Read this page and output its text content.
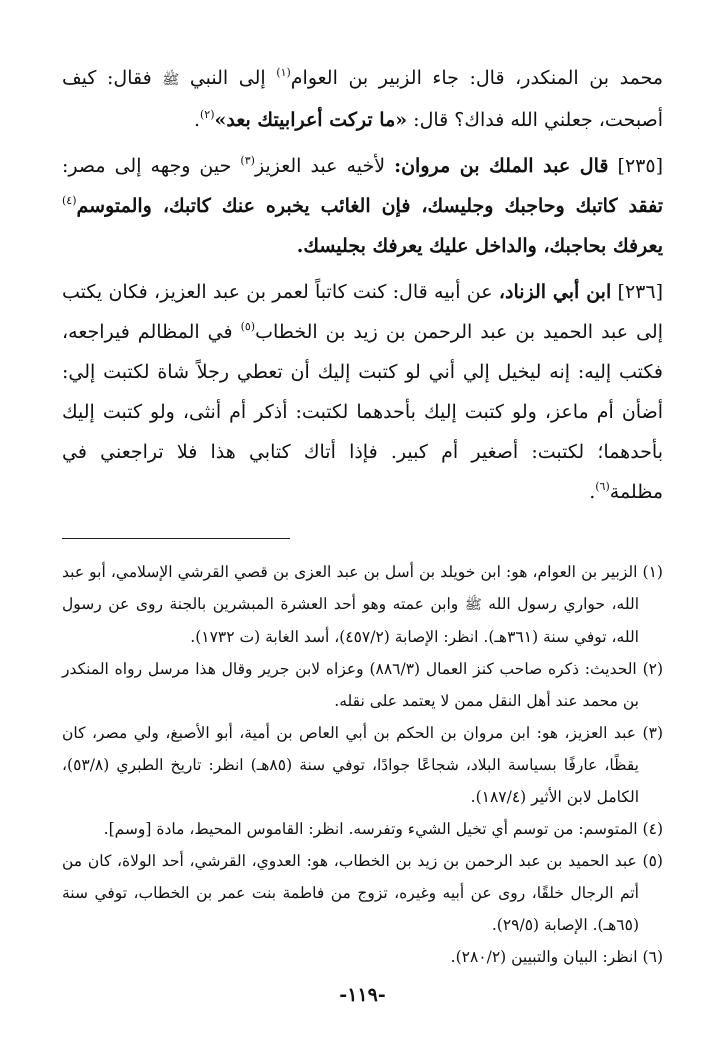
محمد بن المنكدر، قال: جاء الزبير بن العوام$^{(١)}$ إلى النبي ﷺ فقال: كيف أصبحت، جعلني الله فداك؟ قال: «ما تركت أعرابيتك بعد»$^{(٢)}$.

[٢٣٥] قال عبد الملك بن مروان: لأخيه عبد العزيز$^{(٣)}$ حين وجهه إلى مصر: تفقد كاتبك وحاجبك وجليسك، فإن الغائب يخبره عنك كاتبك، والمتوسم$^{(٤)}$ يعرفك بحاجبك، والداخل عليك يعرفك بجليسك.

[٢٣٦] ابن أبي الزناد، عن أبيه قال: كنت كاتباً لعمر بن عبد العزيز، فكان يكتب إلى عبد الحميد بن عبد الرحمن بن زيد بن الخطاب$^{(٥)}$ في المظالم فيراجعه، فكتب إليه: إنه ليخيل إلي أني لو كتبت إليك أن تعطي رجلاً شاة لكتبت إلي: أضأن أم ماعز، ولو كتبت إليك بأحدهما لكتبت: أذكر أم أنثى، ولو كتبت إليك بأحدهما؛ لكتبت: أصغير أم كبير. فإذا أتاك كتابي هذا فلا تراجعني في مظلمة$^{(٦)}$.

(١) الزبير بن العوام، هو: ابن خويلد بن أسل بن عبد العزى بن قصي القرشي الإسلامي، أبو عبد الله، حواري رسول الله ﷺ وابن عمته وهو أحد العشرة المبشرين بالجنة روى عن رسول الله، توفي سنة (٣٦١هـ). انظر: الإصابة (٤٥٧/٢)، أسد الغابة (ت ١٧٣٢).

(٢) الحديث: ذكره صاحب كنز العمال (٨٨٦/٣) وعزاه لابن جرير وقال هذا مرسل رواه المنكدر بن محمد عند أهل النقل ممن لا يعتمد على نقله.

(٣) عبد العزيز، هو: ابن مروان بن الحكم بن أبي العاص بن أمية، أبو الأصبغ، ولي مصر، كان يقظًا، عارفًا بسياسة البلاد، شجاعًا جوادًا، توفي سنة (٨٥هـ) انظر: تاريخ الطبري (٥٣/٨)، الكامل لابن الأثير (١٨٧/٤).

(٤) المتوسم: من توسم أي تخيل الشيء وتفرسه. انظر: القاموس المحيط، مادة [وسم].

(٥) عبد الحميد بن عبد الرحمن بن زيد بن الخطاب، هو: العدوي، القرشي، أحد الولاة، كان من أتم الرجال خلقًا، روى عن أبيه وغيره، تزوج من فاطمة بنت عمر بن الخطاب، توفي سنة (٦٥هـ). الإصابة (٢٩/٥).

(٦) انظر: البيان والتبيين (٢٨٠/٢).

-١١٩-
